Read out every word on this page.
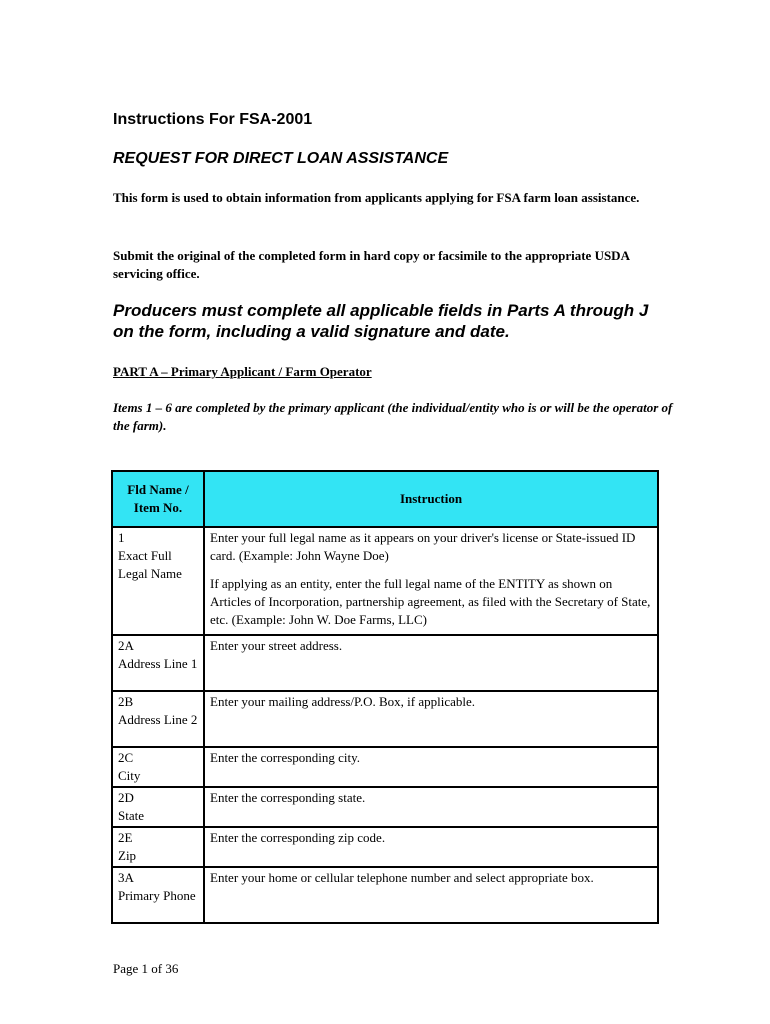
Instructions For FSA-2001
REQUEST FOR DIRECT LOAN ASSISTANCE

This form is used to obtain information from applicants applying for FSA farm loan assistance.

Submit the original of the completed form in hard copy or facsimile to the appropriate USDA servicing office.

Producers must complete all applicable fields in Parts A through J on the form, including a valid signature and date.

PART A – Primary Applicant / Farm Operator

Items 1 – 6 are completed by the primary applicant (the individual/entity who is or will be the operator of the farm).

Fld Name /
Item No.	Instruction

1
Exact Full Legal Name	Enter your full legal name as it appears on your driver's license or State-issued ID card. (Example: John Wayne Doe)
If applying as an entity, enter the full legal name of the ENTITY as shown on Articles of Incorporation, partnership agreement, as filed with the Secretary of State, etc. (Example: John W. Doe Farms, LLC)

2A
Address Line 1	Enter your street address.

2B
Address Line 2	Enter your mailing address/P.O. Box, if applicable.

2C
City	Enter the corresponding city.

2D
State	Enter the corresponding state.

2E
Zip	Enter the corresponding zip code.

3A
Primary Phone	Enter your home or cellular telephone number and select appropriate box.

Page 1 of 36
